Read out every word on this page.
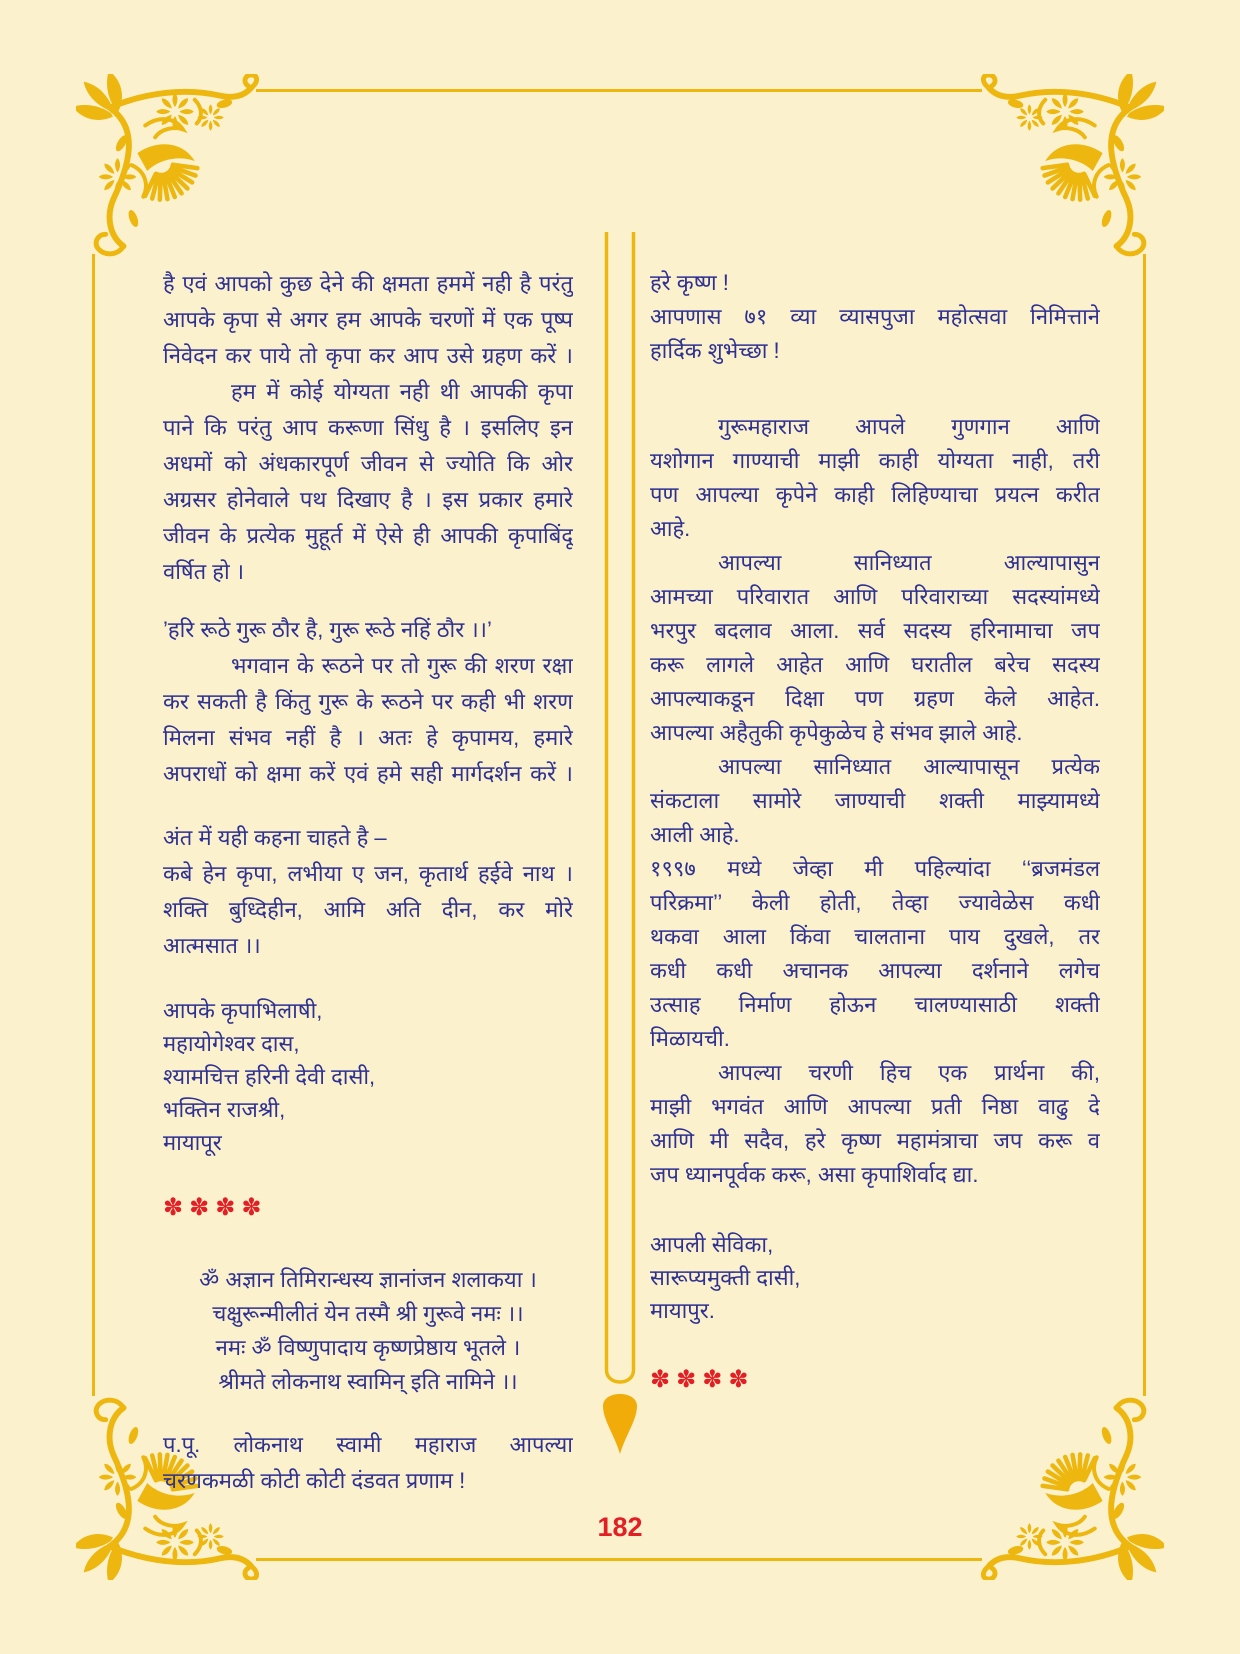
है एवं आपको कुछ देने की क्षमता हममें नही है परंतु
आपके कृपा से अगर हम आपके चरणों में एक पूष्प
निवेदन कर पाये तो कृपा कर आप उसे ग्रहण करें ।
हम में कोई योग्यता नही थी आपकी कृपा
पाने कि परंतु आप करूणा सिंधु है । इसलिए इन
अधमों को अंधकारपूर्ण जीवन से ज्योति कि ओर
अग्रसर होनेवाले पथ दिखाए है । इस प्रकार हमारे
जीवन के प्रत्येक मुहूर्त में ऐसे ही आपकी कृपाबिंदू
वर्षित हो ।
’हरि रूठे गुरू ठौर है, गुरू रूठे नहिं ठौर ।।’
भगवान के रूठने पर तो गुरू की शरण रक्षा
कर सकती है किंतु गुरू के रूठने पर कही भी शरण
मिलना संभव नहीं है । अतः हे कृपामय, हमारे
अपराधों को क्षमा करें एवं हमे सही मार्गदर्शन करें ।
अंत में यही कहना चाहते है –
कबे हेन कृपा, लभीया ए जन, कृतार्थ हईवे नाथ ।
शक्ति बुध्दिहीन, आमि अति दीन, कर मोरे
आत्मसात ।।
आपके कृपाभिलाषी,
महायोगेश्वर दास,
श्यामचित्त हरिनी देवी दासी,
भक्तिन राजश्री,
मायापूर
✽✽✽✽
ॐ अज्ञान तिमिरान्धस्य ज्ञानांजन शलाकया ।
चक्षुरून्मीलीतं येन तस्मै श्री गुरूवे नमः ।।
नमः ॐ विष्णुपादाय कृष्णप्रेष्ठाय भूतले ।
श्रीमते लोकनाथ स्वामिन् इति नामिने ।।
प.पू. लोकनाथ स्वामी महाराज आपल्या
चरणकमळी कोटी कोटी दंडवत प्रणाम !
हरे कृष्ण !
आपणास ७१ व्या व्यासपुजा महोत्सवा निमित्ताने
हार्दिक शुभेच्छा !
गुरूमहाराज आपले गुणगान आणि
यशोगान गाण्याची माझी काही योग्यता नाही, तरी
पण आपल्या कृपेने काही लिहिण्याचा प्रयत्न करीत
आहे.
आपल्या सानिध्यात आल्यापासुन
आमच्या परिवारात आणि परिवाराच्या सदस्यांमध्ये
भरपुर बदलाव आला. सर्व सदस्य हरिनामाचा जप
करू लागले आहेत आणि घरातील बरेच सदस्य
आपल्याकडून दिक्षा पण ग्रहण केले आहेत.
आपल्या अहैतुकी कृपेकुळेच हे संभव झाले आहे.
आपल्या सानिध्यात आल्यापासून प्रत्येक
संकटाला सामोरे जाण्याची शक्ती माझ्यामध्ये
आली आहे.
१९९७ मध्ये जेव्हा मी पहिल्यांदा ‘‘ब्रजमंडल
परिक्रमा’’ केली होती, तेव्हा ज्यावेळेस कधी
थकवा आला किंवा चालताना पाय दुखले, तर
कधी कधी अचानक आपल्या दर्शनाने लगेच
उत्साह निर्माण होऊन चालण्यासाठी शक्ती
मिळायची.
आपल्या चरणी हिच एक प्रार्थना की,
माझी भगवंत आणि आपल्या प्रती निष्ठा वाढु दे
आणि मी सदैव, हरे कृष्ण महामंत्राचा जप करू व
जप ध्यानपूर्वक करू, असा कृपाशिर्वाद द्या.
आपली सेविका,
सारूप्यमुक्ती दासी,
मायापुर.
✽✽✽✽
182
